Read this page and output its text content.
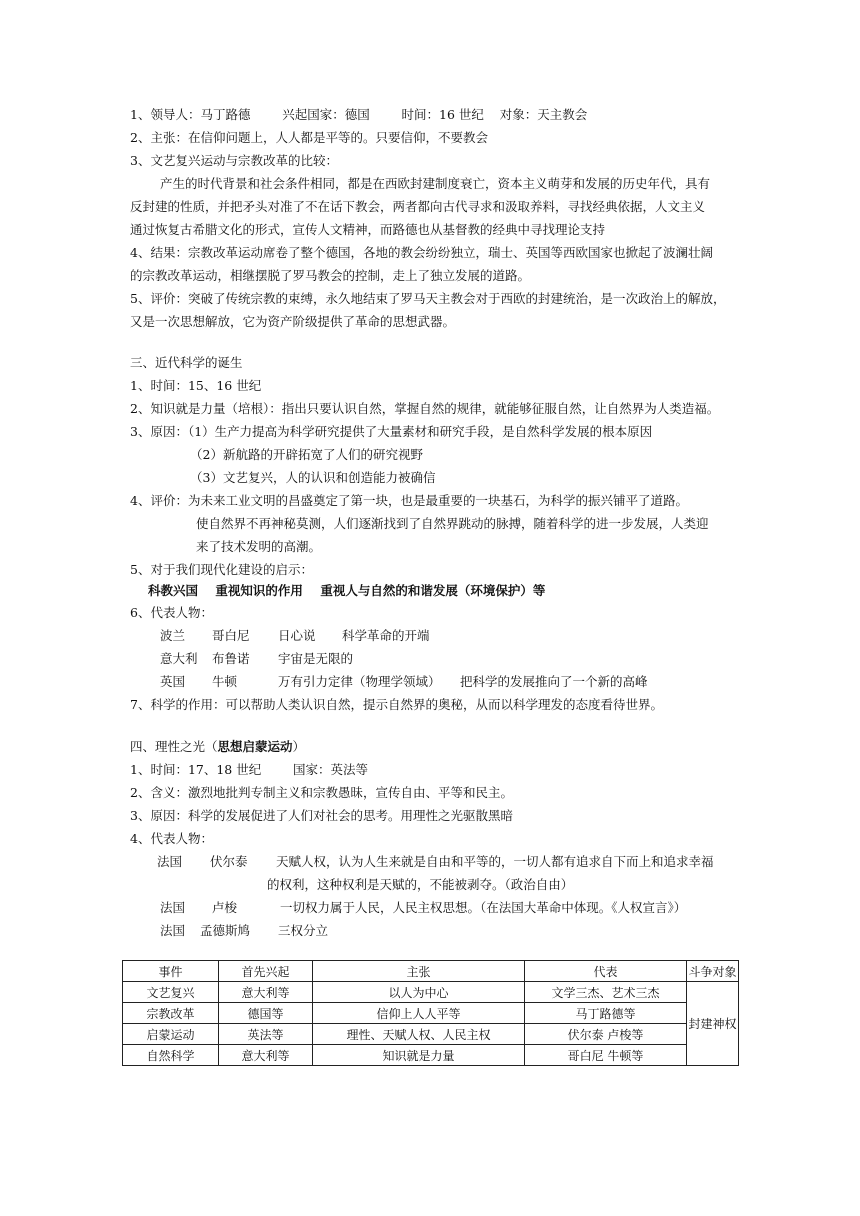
1、领导人：马丁路德        兴起国家：德国        时间：16 世纪    对象：天主教会
2、主张：在信仰问题上，人人都是平等的。只要信仰，不要教会
3、文艺复兴运动与宗教改革的比较：
产生的时代背景和社会条件相同，都是在西欧封建制度衰亡，资本主义萌芽和发展的历史年代，具有
反封建的性质，并把矛头对准了不在话下教会，两者都向古代寻求和汲取养料，寻找经典依据，人文主义
通过恢复古希腊文化的形式，宣传人文精神，而路德也从基督教的经典中寻找理论支持
4、结果：宗教改革运动席卷了整个德国，各地的教会纷纷独立，瑞士、英国等西欧国家也掀起了波澜壮阔
的宗教改革运动，相继摆脱了罗马教会的控制，走上了独立发展的道路。
5、评价：突破了传统宗教的束缚，永久地结束了罗马天主教会对于西欧的封建统治，是一次政治上的解放，
又是一次思想解放，它为资产阶级提供了革命的思想武器。
三、近代科学的诞生
1、时间：15、16 世纪
2、知识就是力量（培根）：指出只要认识自然，掌握自然的规律，就能够征服自然，让自然界为人类造福。
3、原因：（1）生产力提高为科学研究提供了大量素材和研究手段，是自然科学发展的根本原因
（2）新航路的开辟拓宽了人们的研究视野
（3）文艺复兴，人的认识和创造能力被确信
4、评价：为未来工业文明的昌盛奠定了第一块，也是最重要的一块基石，为科学的振兴铺平了道路。
使自然界不再神秘莫测，人们逐渐找到了自然界跳动的脉搏，随着科学的进一步发展，人类迎
来了技术发明的高潮。
5、对于我们现代化建设的启示：
科教兴国    重视知识的作用    重视人与自然的和谐发展（环境保护）等
6、代表人物：
波兰 哥白尼 日心说 科学革命的开端
意大利 布鲁诺 宇宙是无限的
英国 牛顿	万有引力定律（物理学领域） 把科学的发展推向了一个新的高峰
7、科学的作用：可以帮助人类认识自然，提示自然界的奥秘，从而以科学理发的态度看待世界。
四、理性之光（思想启蒙运动）
1、时间：17、18 世纪        国家：英法等
2、含义：激烈地批判专制主义和宗教愚昧，宣传自由、平等和民主。
3、原因：科学的发展促进了人们对社会的思考。用理性之光驱散黑暗
4、代表人物：
法国 伏尔泰 天赋人权，认为人生来就是自由和平等的，一切人都有追求自下而上和追求幸福
的权利，这种权利是天赋的，不能被剥夺。（政治自由）
法国 卢梭	一切权力属于人民，人民主权思想。（在法国大革命中体现。《人权宣言》）
法国 孟德斯鸠 三权分立
事件	首先兴起	主张	代表	斗争对象
文艺复兴	意大利等	以人为中心	文学三杰、艺术三杰	封建神权
宗教改革	德国等	信仰上人人平等	马丁路德等	
启蒙运动	英法等	理性、天赋人权、人民主权	伏尔泰 卢梭等	
自然科学	意大利等	知识就是力量	哥白尼 牛顿等	
